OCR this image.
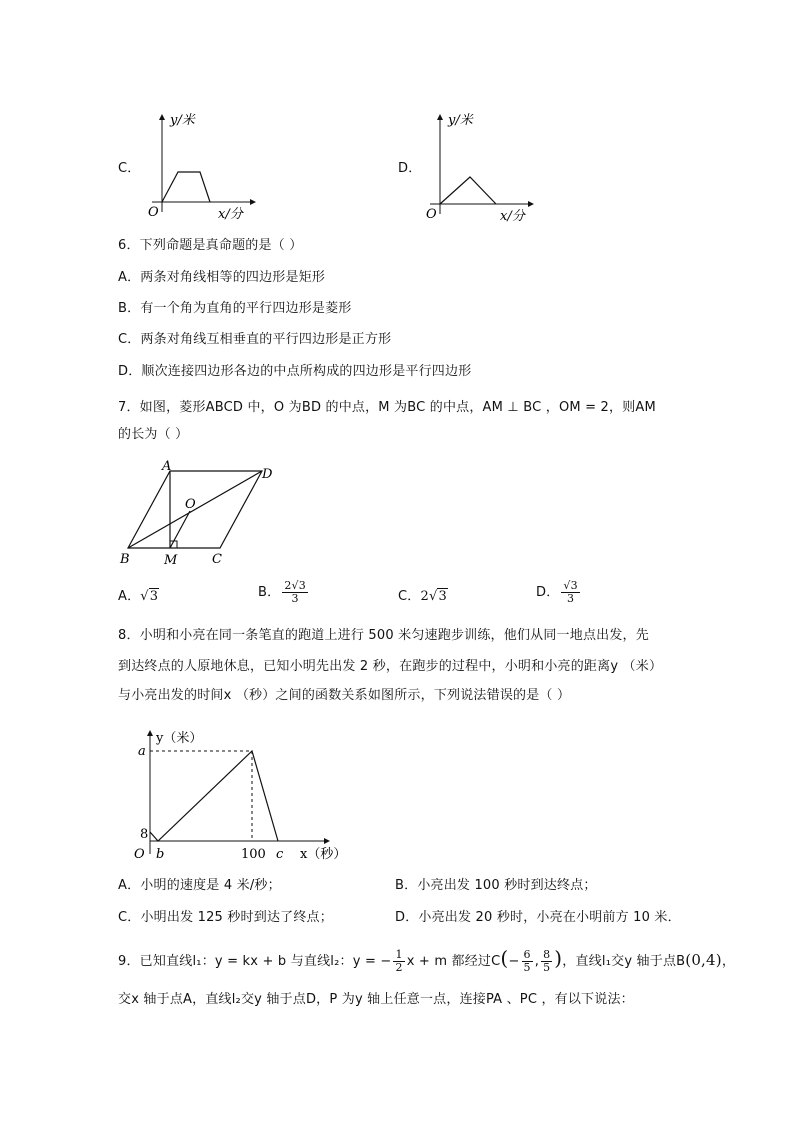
C．
O
y/米
x/分
D．
O
y/米
x/分
6．下列命题是真命题的是（ ）
A．两条对角线相等的四边形是矩形
B．有一个角为直角的平行四边形是菱形
C．两条对角线互相垂直的平行四边形是正方形
D．顺次连接四边形各边的中点所构成的四边形是平行四边形
7．如图，菱形ABCD 中，O 为BD 的中点，M 为BC 的中点，AM ⊥ BC ，OM = 2，则AM
的长为（ ）
A
D
O
B	M	C
A．√3	B． $\frac{2√3}{3}$	C．2√3	D． $\frac{√3}{3}$
8．小明和小亮在同一条笔直的跑道上进行 500 米匀速跑步训练，他们从同一地点出发，先
到达终点的人原地休息，已知小明先出发 2 秒，在跑步的过程中，小明和小亮的距离y （米）
与小亮出发的时间x （秒）之间的函数关系如图所示，下列说法错误的是（ ）
y（米）
a
8
O b	100 c x（秒）
A．小明的速度是 4 米/秒；	B．小亮出发 100 秒时到达终点；
C．小明出发 125 秒时到达了终点；	D．小亮出发 20 秒时，小亮在小明前方 10 米．
9．已知直线l₁：y = kx + b 与直线l₂：y = − $\frac{1}{2}$ x + m 都经过$C(- \frac{6}{5}$ , $\frac{8}{5}$ )，直线l₁交y 轴于点B(0,4)，
交x 轴于点A，直线l₂交y 轴于点D，P 为y 轴上任意一点，连接PA 、PC ，有以下说法：
